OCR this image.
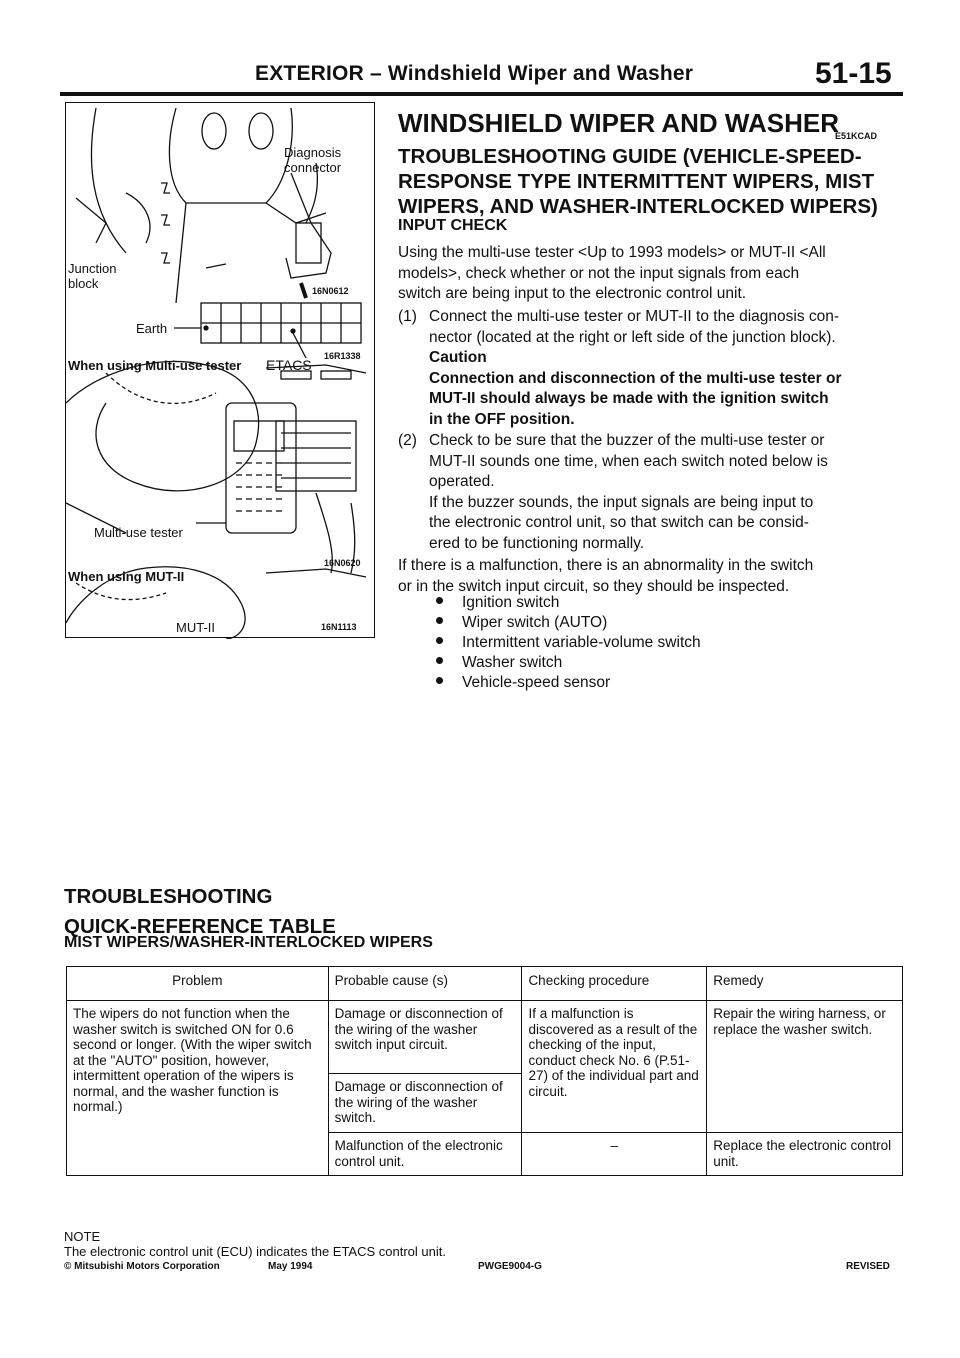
EXTERIOR – Windshield Wiper and Washer	51-15
Diagnosis connector
Junction block	16N0612
Earth
When using Multi-use tester ETACS
16R1338
Multi-use tester
16N0620
When using MUT-II
MUT-II	16N1113
WINDSHIELD WIPER AND WASHER
E51KCAD
TROUBLESHOOTING GUIDE (VEHICLE-SPEED-
RESPONSE TYPE INTERMITTENT WIPERS, MIST
WIPERS, AND WASHER-INTERLOCKED WIPERS)
INPUT CHECK
Using the multi-use tester <Up to 1993 models> or MUT-II <All
models>, check whether or not the input signals from each
switch are being input to the electronic control unit.
(1) Connect the multi-use tester or MUT-II to the diagnosis con-
nector (located at the right or left side of the junction block).
Caution
Connection and disconnection of the multi-use tester or
MUT-II should always be made with the ignition switch
in the OFF position.
(2) Check to be sure that the buzzer of the multi-use tester or
MUT-II sounds one time, when each switch noted below is
operated.
If the buzzer sounds, the input signals are being input to
the electronic control unit, so that switch can be consid-
ered to be functioning normally.
If there is a malfunction, there is an abnormality in the switch
or in the switch input circuit, so they should be inspected.
Ignition switch
Wiper switch (AUTO)
Intermittent variable-volume switch
Washer switch
Vehicle-speed sensor
TROUBLESHOOTING
QUICK-REFERENCE TABLE
MIST WIPERS/WASHER-INTERLOCKED WIPERS
Problem	Probable cause (s)	Checking procedure	Remedy
The wipers do not function when the washer switch is switched ON for 0.6 second or longer. (With the wiper switch at the "AUTO" position, however, intermittent operation of the wipers is normal, and the washer function is normal.)	Damage or disconnection of the wiring of the washer switch input circuit.	If a malfunction is discovered as a result of the checking of the input, conduct check No. 6 (P.51-27) of the individual part and circuit.	Repair the wiring harness, or replace the washer switch.
	Damage or disconnection of the wiring of the washer switch.		
	Malfunction of the electronic control unit.	–	Replace the electronic control unit.
NOTE
The electronic control unit (ECU) indicates the ETACS control unit.
© Mitsubishi Motors Corporation	May 1994	PWGE9004-G	REVISED
